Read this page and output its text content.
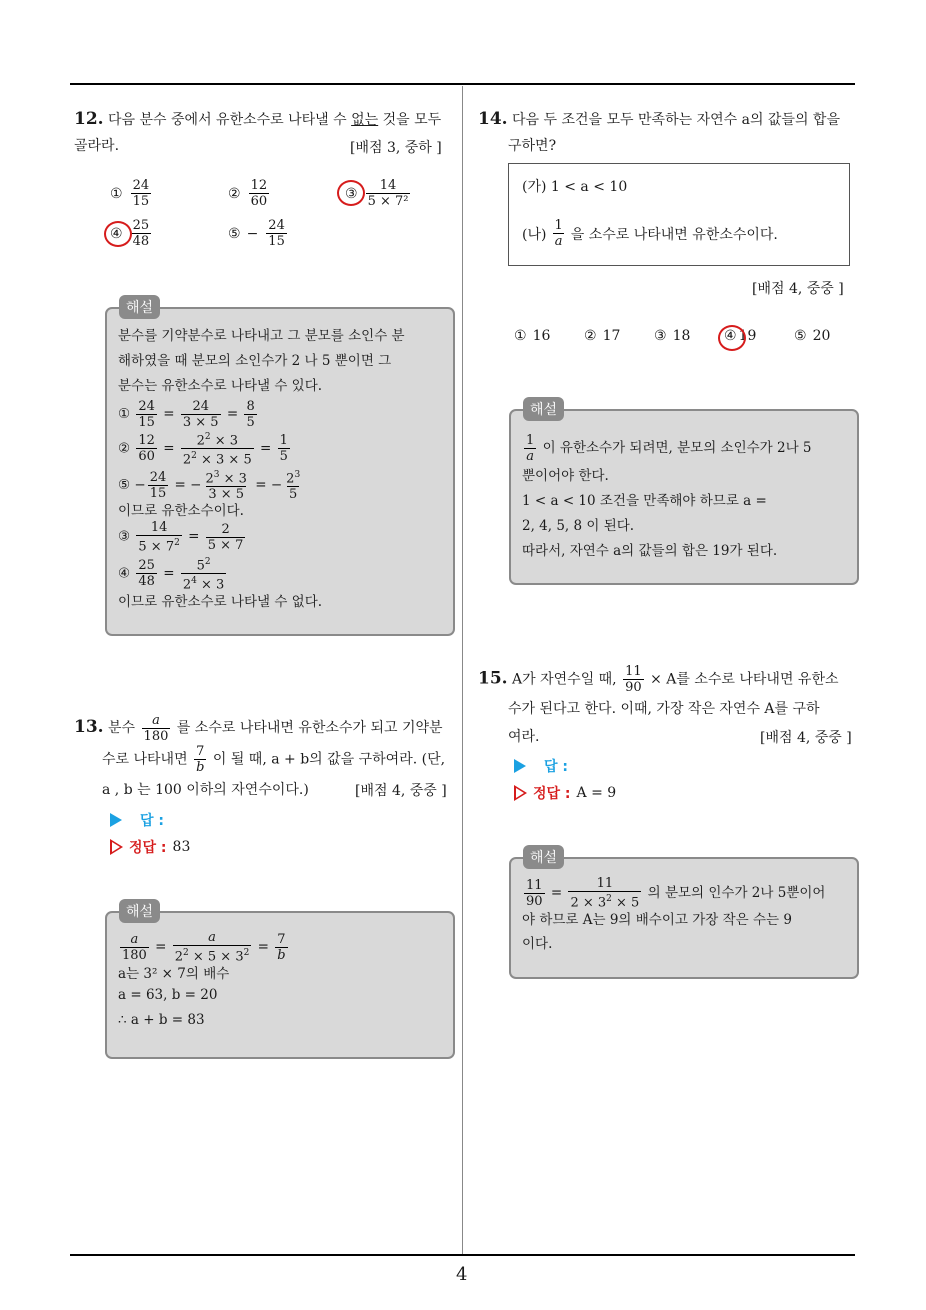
4
12. 다음 분수 중에서 유한소수로 나타낼 수 없는 것을 모두 골라라.	[배점 3, 중하 ]
① $\frac{24}{15}$	② $\frac{12}{60}$	③ $\frac{14}{\text{5 × 7²}}$
④ $\frac{25}{48}$	⑤ − $\frac{24}{15}$
해설
분수를 기약분수로 나타내고 그 분모를 소인수 분
해하였을 때 분모의 소인수가 2 나 5 뿐이면 그
분수는 유한소수로 나타낼 수 있다.
① $\frac{24}{15} = \frac{24}{3 \times 5} = \frac{8}{5}$
② $\frac{12}{60} = \frac{2^2 \times 3}{2^2 \times 3 \times 5} = \frac{1}{5}$
⑤ − $\frac{24}{15}$ = − $\frac{2^3 \times 3}{3 \times 5}$ = − $\frac{2^3}{5}$
이므로 유한소수이다.
③ $\frac{14}{5 \times 7^2} = \frac{2}{5 \times 7}$
④ $\frac{25}{48} = \frac{5^2}{2^4 \times 3}$
이므로 유한소수로 나타낼 수 없다.
13. 분수 $\frac{a}{180}$ 를 소수로 나타내면 유한소수가 되고 기약분
수로 나타내면 $\frac{7}{b}$ 이 될 때, a + b의 값을 구하여라. (단,
a , b 는 100 이하의 자연수이다.)	[배점 4, 중중 ]
답 :
정답 : 83
해설
$\frac{a}{180} = \frac{a}{2^2 \times 5 \times 3^2} = \frac{7}{b}$
a는 3² × 7의 배수
a = 63, b = 20
∴ a + b = 83
14. 다음 두 조건을 모두 만족하는 자연수 a의 값들의 합을
구하면?
(가) 1 < a < 10
(나) $\frac{1}{a}$ 을 소수로 나타내면 유한소수이다.
[배점 4, 중중 ]
① 16 ② 17 ③ 18 ④ 19	⑤ 20
해설
$\frac{1}{a}$ 이 유한소수가 되려면, 분모의 소인수가 2나 5
뿐이어야 한다.
1 < a < 10 조건을 만족해야 하므로 a =
2, 4, 5, 8 이 된다.
따라서, 자연수 a의 값들의 합은 19가 된다.
15. A가 자연수일 때, $\frac{11}{90} \times A$를 소수로 나타내면 유한소
수가 된다고 한다. 이때, 가장 작은 자연수 A를 구하
여라.	[배점 4, 중중 ]
답 :
정답 : A = 9
해설
$\frac{11}{90} = \frac{11}{2 \times 3^2 \times 5}$ 의 분모의 인수가 2나 5뿐이어
야 하므로 A는 9의 배수이고 가장 작은 수는 9
이다.
